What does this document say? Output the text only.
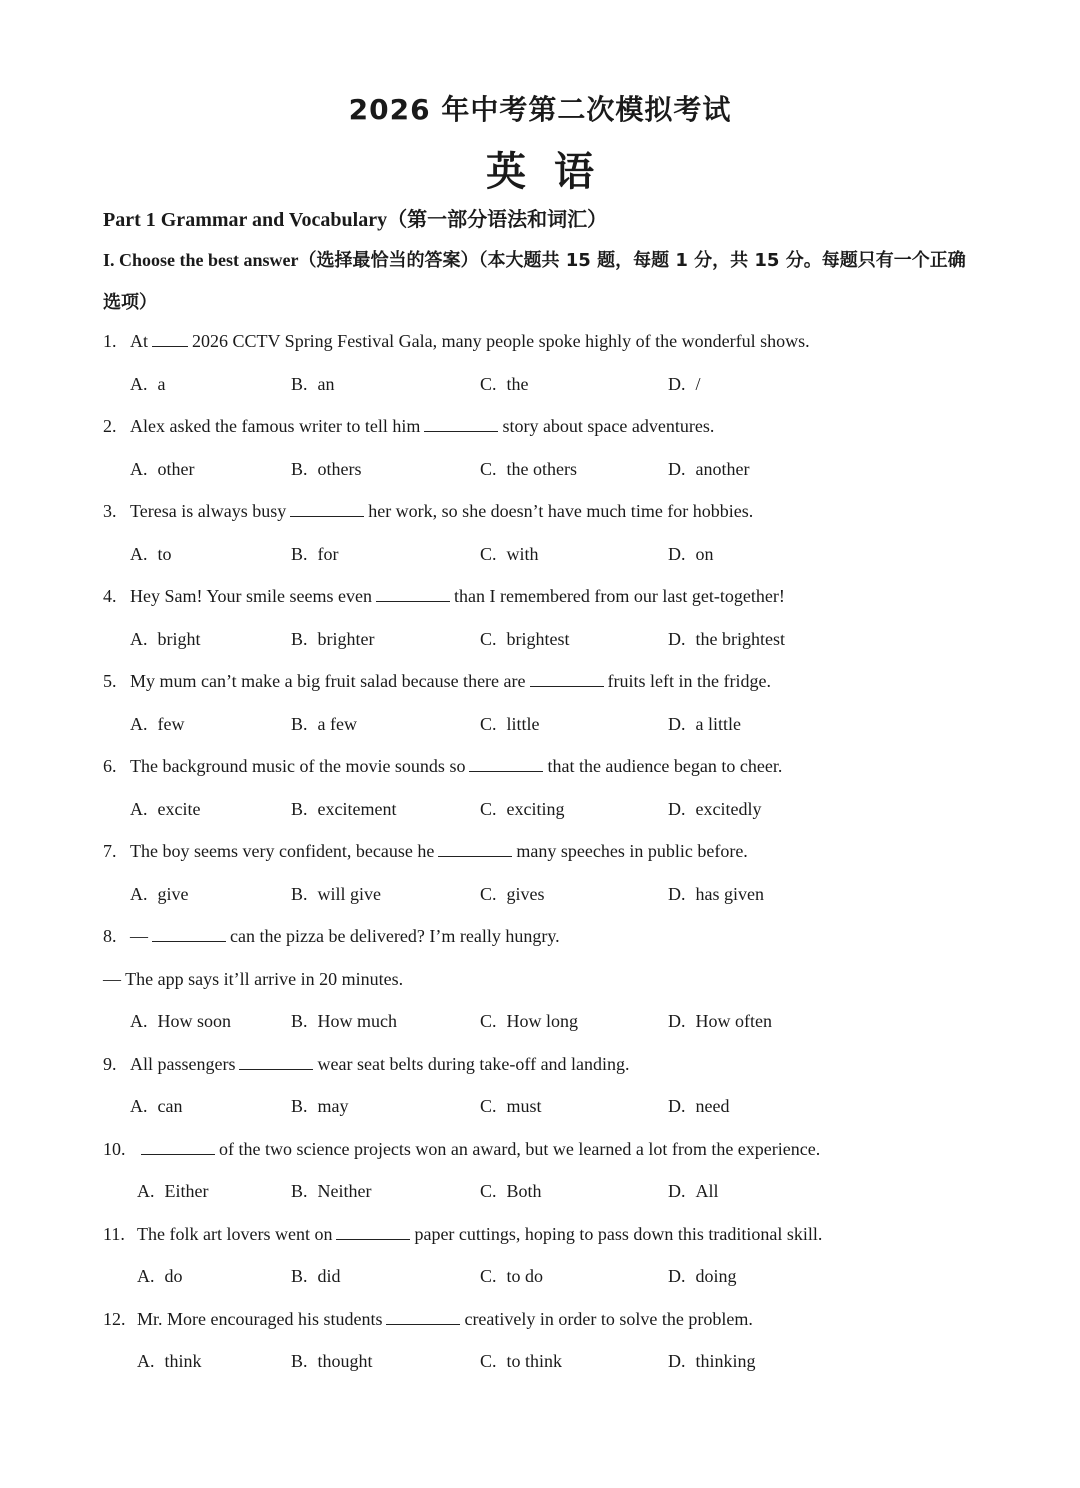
2026 年中考第二次模拟考试
英语
Part 1 Grammar and Vocabulary（第一部分语法和词汇）
I. Choose the best answer（选择最恰当的答案）（本大题共 15 题，每题 1 分，共 15 分。每题只有一个正确
选项）
1. At 2026 CCTV Spring Festival Gala, many people spoke highly of the wonderful shows.
A. a	B. an	C. the	D. /
2. Alex asked the famous writer to tell him	story about space adventures.
A. other	B. others	C. the others	D. another
3. Teresa is always busy	her work, so she doesn’t have much time for hobbies.
A. to	B. for	C. with	D. on
4. Hey Sam! Your smile seems even	than I remembered from our last get-together!
A. bright	B. brighter	C. brightest	D. the brightest
5. My mum can’t make a big fruit salad because there are	fruits left in the fridge.
A. few	B. a few	C. little	D. a little
6. The background music of the movie sounds so	that the audience began to cheer.
A. excite	B. excitement	C. exciting	D. excitedly
7. The boy seems very confident, because he	many speeches in public before.
A. give	B. will give	C. gives	D. has given
8. —	can the pizza be delivered? I’m really hungry.
— The app says it’ll arrive in 20 minutes.
A. How soon	B. How much	C. How long	D. How often
9. All passengers	wear seat belts during take-off and landing.
A. can	B. may	C. must	D. need
10.	of the two science projects won an award, but we learned a lot from the experience.
A. Either	B. Neither	C. Both	D. All
11. The folk art lovers went on	paper cuttings, hoping to pass down this traditional skill.
A. do	B. did	C. to do	D. doing
12. Mr. More encouraged his students	creatively in order to solve the problem.
A. think	B. thought	C. to think	D. thinking
